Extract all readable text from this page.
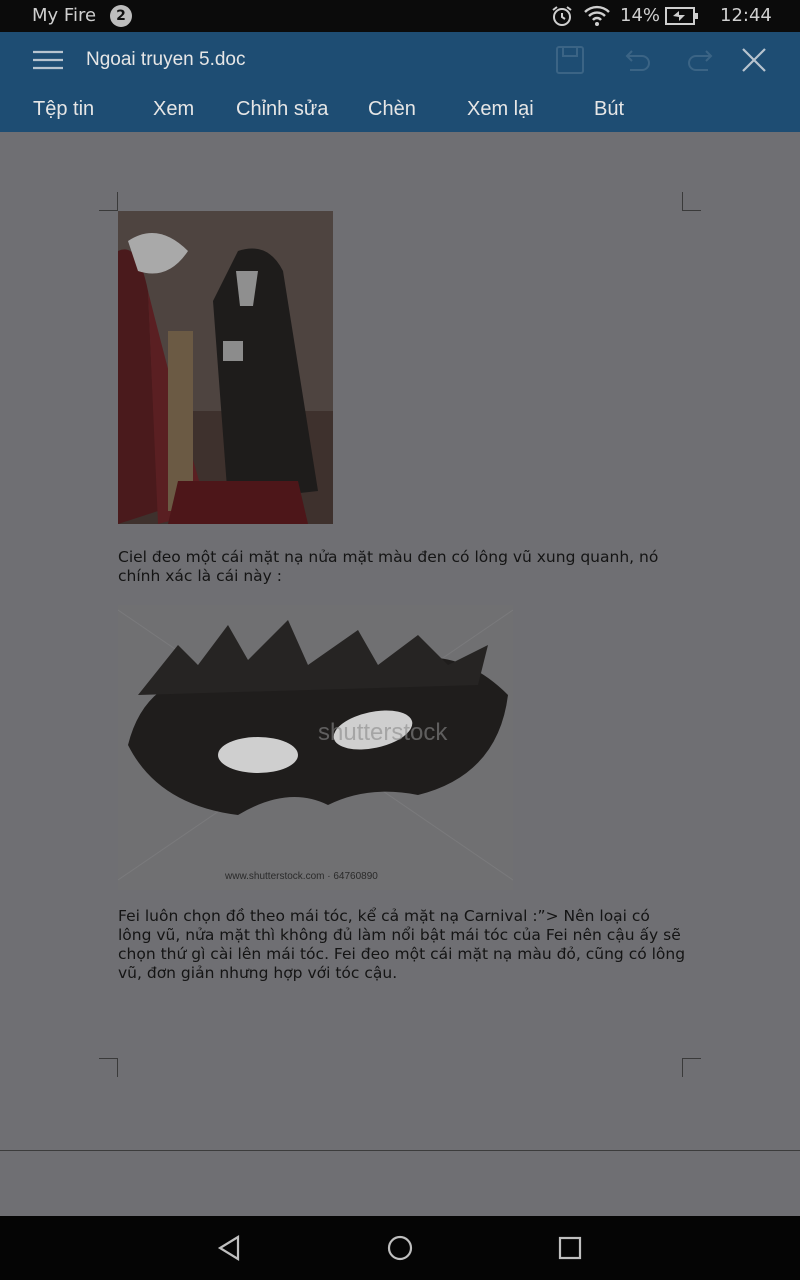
My Fire	2	14%	12:44
Ngoai truyen 5.doc
Tệp tin	Xem Chỉnh sửa Chèn	Xem lại	Bút
Ciel đeo một cái mặt nạ nửa mặt màu đen có lông vũ xung quanh, nó chính xác là cái này :
shutterstock
www.shutterstock.com · 64760890
Fei luôn chọn đồ theo mái tóc, kể cả mặt nạ Carnival :”> Nên loại có lông vũ, nửa mặt thì không đủ làm nổi bật mái tóc của Fei nên cậu ấy sẽ chọn thứ gì cài lên mái tóc. Fei đeo một cái mặt nạ màu đỏ, cũng có lông vũ, đơn giản nhưng hợp với tóc cậu.
